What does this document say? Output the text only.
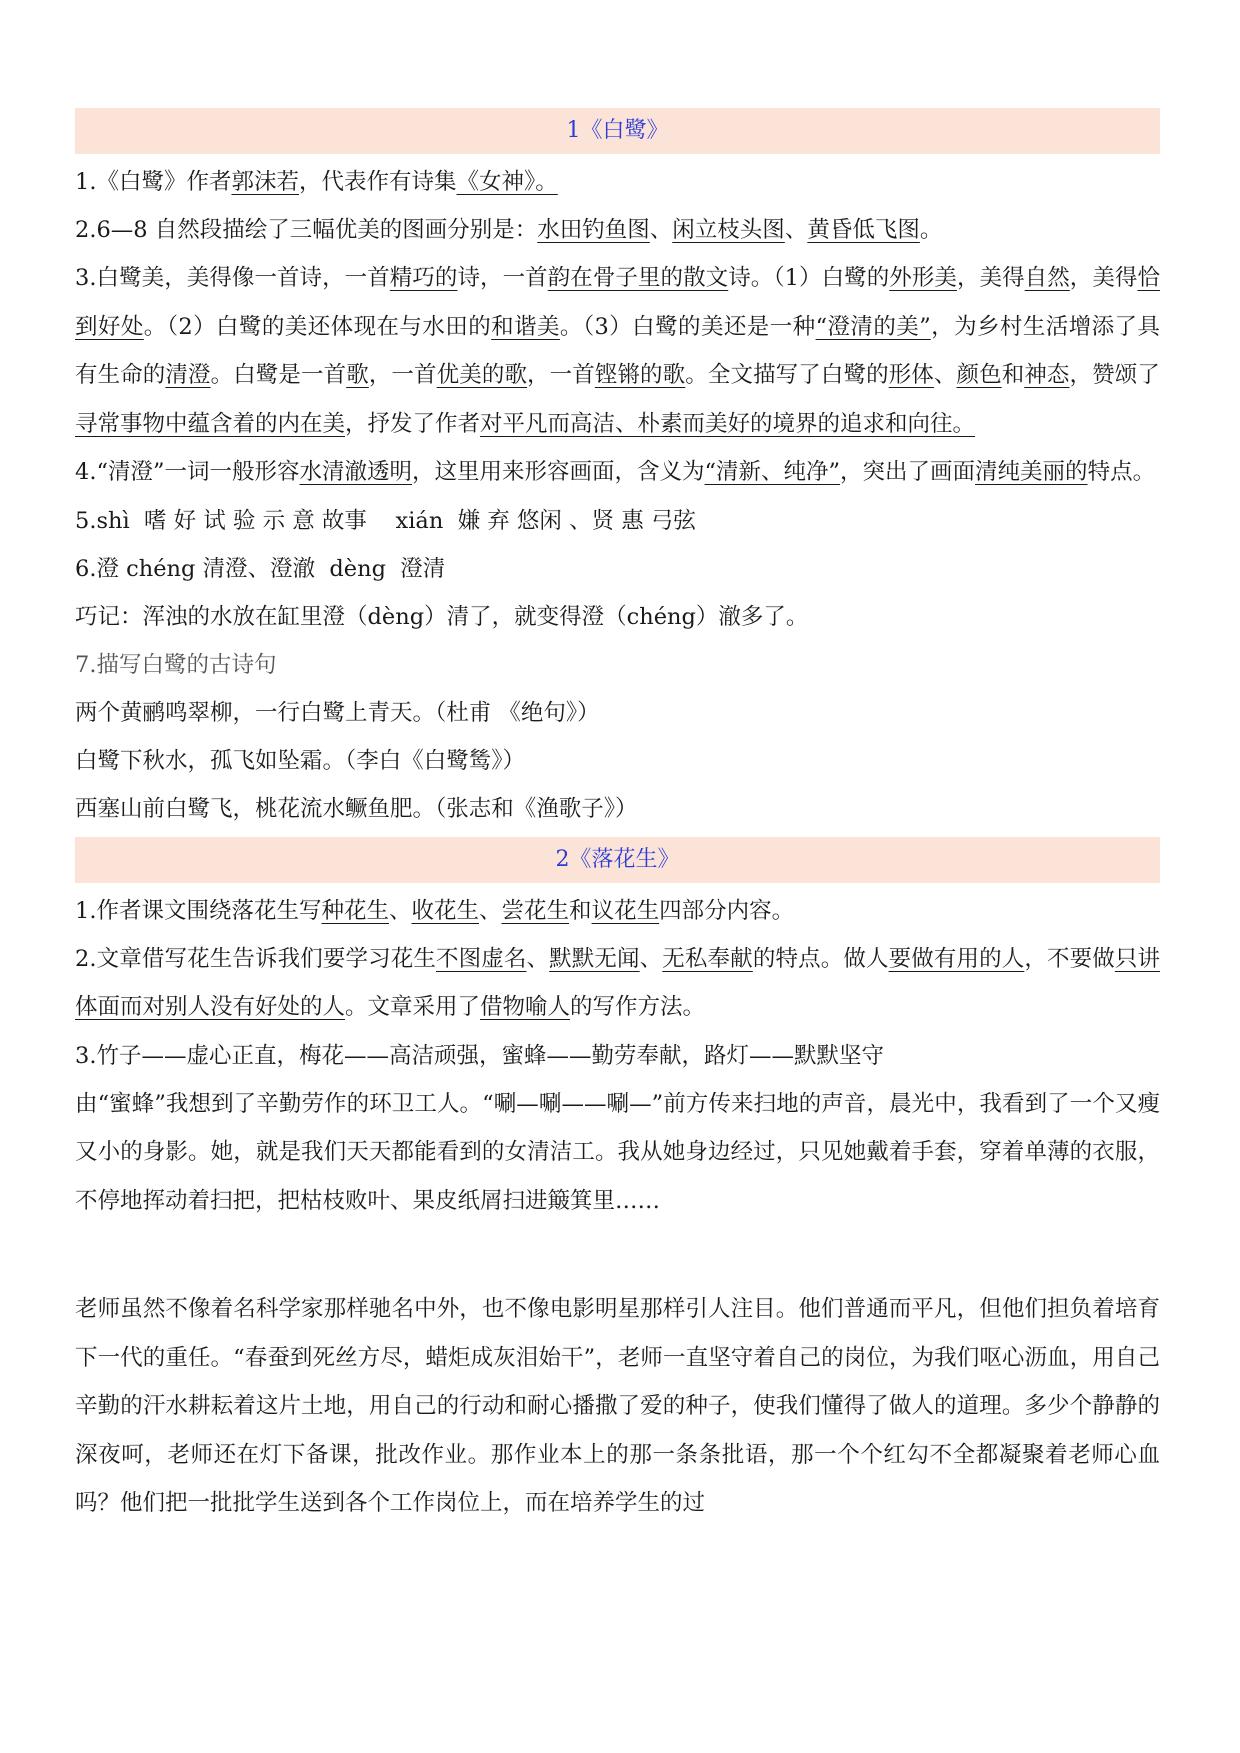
1《白鹭》
1.《白鹭》作者郭沫若，代表作有诗集《女神》。
2.6—8 自然段描绘了三幅优美的图画分别是：水田钓鱼图、闲立枝头图、黄昏低飞图。
3.白鹭美，美得像一首诗，一首精巧的诗，一首韵在骨子里的散文诗。（1）白鹭的外形美，美得自然，美得恰到好处。（2）白鹭的美还体现在与水田的和谐美。（3）白鹭的美还是一种“澄清的美”，为乡村生活增添了具有生命的清澄。白鹭是一首歌，一首优美的歌，一首铿锵的歌。全文描写了白鹭的形体、颜色和神态，赞颂了寻常事物中蕴含着的内在美，抒发了作者对平凡而高洁、朴素而美好的境界的追求和向往。
4.“清澄”一词一般形容水清澈透明，这里用来形容画面，含义为“清新、纯净”，突出了画面清纯美丽的特点。
5.shì  嗜 好 试 验 示 意 故事    xián  嫌 弃 悠闲 、贤 惠 弓弦
6.澄 chéng 清澄、澄澈  dèng  澄清
巧记：浑浊的水放在缸里澄（dèng）清了，就变得澄（chéng）澈多了。
7.描写白鹭的古诗句
两个黄鹂鸣翠柳，一行白鹭上青天。（杜甫 《绝句》）
白鹭下秋水，孤飞如坠霜。（李白《白鹭鸶》）
西塞山前白鹭飞，桃花流水鳜鱼肥。（张志和《渔歌子》）
2《落花生》
1.作者课文围绕落花生写种花生、收花生、尝花生和议花生四部分内容。
2.文章借写花生告诉我们要学习花生不图虚名、默默无闻、无私奉献的特点。做人要做有用的人，不要做只讲体面而对别人没有好处的人。文章采用了借物喻人的写作方法。
3.竹子——虚心正直，梅花——高洁顽强，蜜蜂——勤劳奉献，路灯——默默坚守
由“蜜蜂”我想到了辛勤劳作的环卫工人。“唰—唰——唰—”前方传来扫地的声音，晨光中，我看到了一个又瘦又小的身影。她，就是我们天天都能看到的女清洁工。我从她身边经过，只见她戴着手套，穿着单薄的衣服，不停地挥动着扫把，把枯枝败叶、果皮纸屑扫进簸箕里……
老师虽然不像着名科学家那样驰名中外，也不像电影明星那样引人注目。他们普通而平凡，但他们担负着培育下一代的重任。“春蚕到死丝方尽，蜡炬成灰泪始干”，老师一直坚守着自己的岗位，为我们呕心沥血，用自己辛勤的汗水耕耘着这片土地，用自己的行动和耐心播撒了爱的种子，使我们懂得了做人的道理。多少个静静的深夜呵，老师还在灯下备课，批改作业。那作业本上的那一条条批语，那一个个红勾不全都凝聚着老师心血吗？他们把一批批学生送到各个工作岗位上，而在培养学生的过
